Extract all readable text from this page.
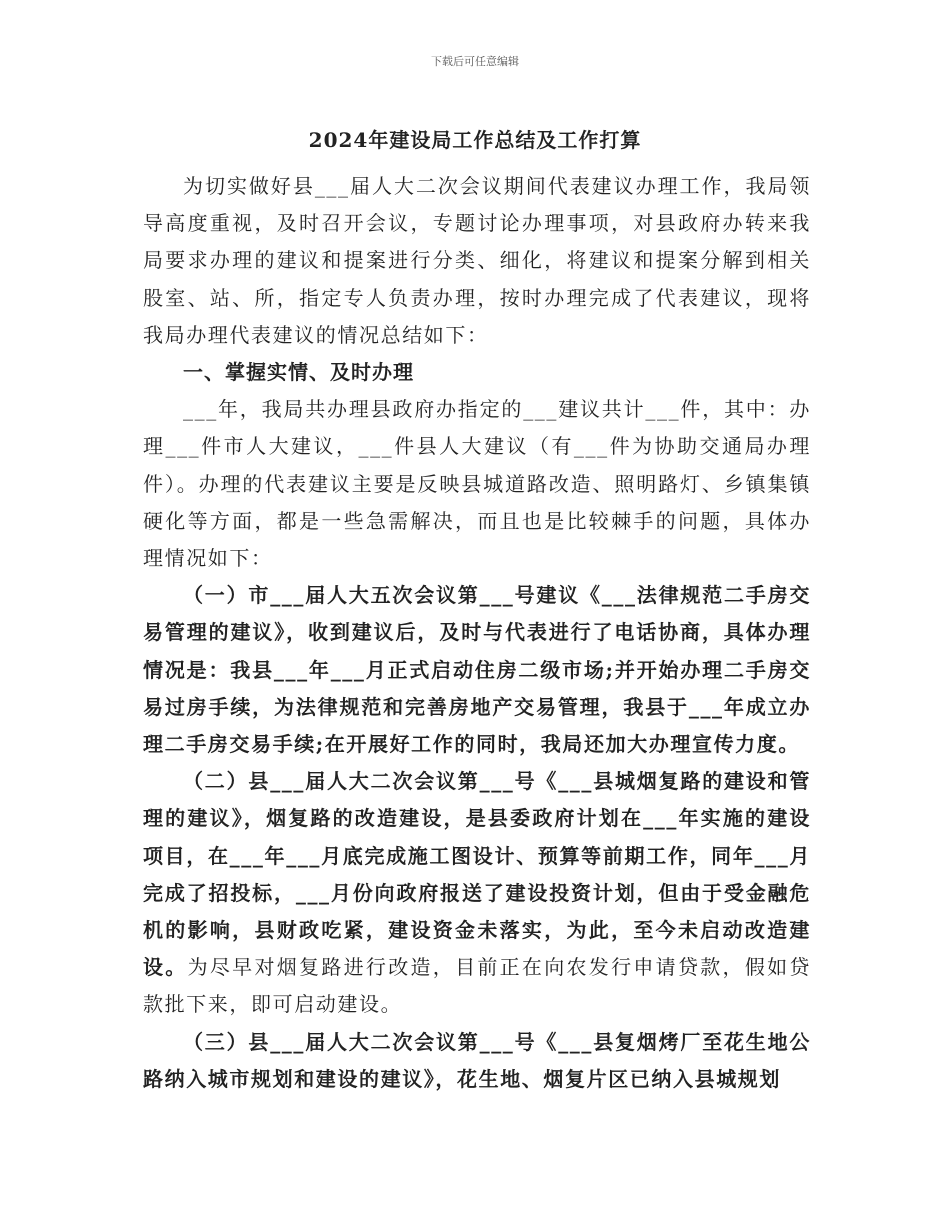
下载后可任意编辑
2024年建设局工作总结及工作打算

为切实做好县___届人大二次会议期间代表建议办理工作，我局领导高度重视，及时召开会议，专题讨论办理事项，对县政府办转来我局要求办理的建议和提案进行分类、细化，将建议和提案分解到相关股室、站、所，指定专人负责办理，按时办理完成了代表建议，现将我局办理代表建议的情况总结如下：

一、掌握实情、及时办理

___年，我局共办理县政府办指定的___建议共计___件，其中：办理___件市人大建议，___件县人大建议（有___件为协助交通局办理件）。办理的代表建议主要是反映县城道路改造、照明路灯、乡镇集镇硬化等方面，都是一些急需解决，而且也是比较棘手的问题，具体办理情况如下：

（一）市___届人大五次会议第___号建议《___法律规范二手房交易管理的建议》，收到建议后，及时与代表进行了电话协商，具体办理情况是：我县___年___月正式启动住房二级市场;并开始办理二手房交易过房手续，为法律规范和完善房地产交易管理，我县于___年成立办理二手房交易手续;在开展好工作的同时，我局还加大办理宣传力度。

（二）县___届人大二次会议第___号《___县城烟复路的建设和管理的建议》，烟复路的改造建设，是县委政府计划在___年实施的建设项目，在___年___月底完成施工图设计、预算等前期工作，同年___月完成了招投标，___月份向政府报送了建设投资计划，但由于受金融危机的影响，县财政吃紧，建设资金未落实，为此，至今未启动改造建设。为尽早对烟复路进行改造，目前正在向农发行申请贷款，假如贷款批下来，即可启动建设。

（三）县___届人大二次会议第___号《___县复烟烤厂至花生地公路纳入城市规划和建设的建议》，花生地、烟复片区已纳入县城规划
